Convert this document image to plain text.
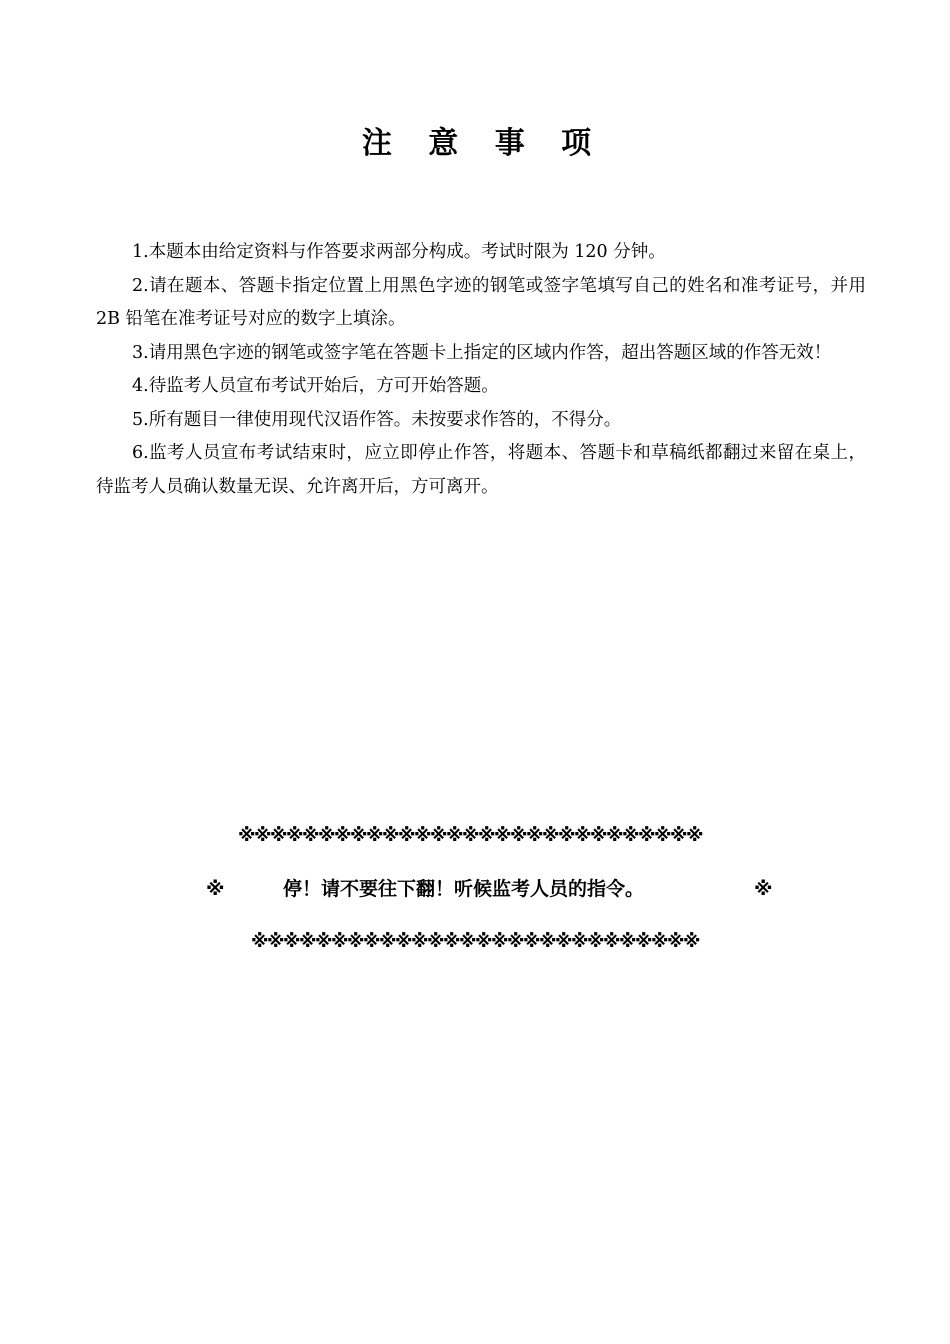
注 意 事 项

1.本题本由给定资料与作答要求两部分构成。考试时限为 120 分钟。

2.请在题本、答题卡指定位置上用黑色字迹的钢笔或签字笔填写自己的姓名和准考证号，并用 2B 铅笔在准考证号对应的数字上填涂。

3.请用黑色字迹的钢笔或签字笔在答题卡上指定的区域内作答，超出答题区域的作答无效！

4.待监考人员宣布考试开始后，方可开始答题。

5.所有题目一律使用现代汉语作答。未按要求作答的，不得分。

6.监考人员宣布考试结束时，应立即停止作答，将题本、答题卡和草稿纸都翻过来留在桌上，待监考人员确认数量无误、允许离开后，方可离开。

※※※※※※※※※※※※※※※※※※※※※※※※※※※※※
※	停！请不要往下翻！听候监考人员的指令。	※
※※※※※※※※※※※※※※※※※※※※※※※※※※※※
